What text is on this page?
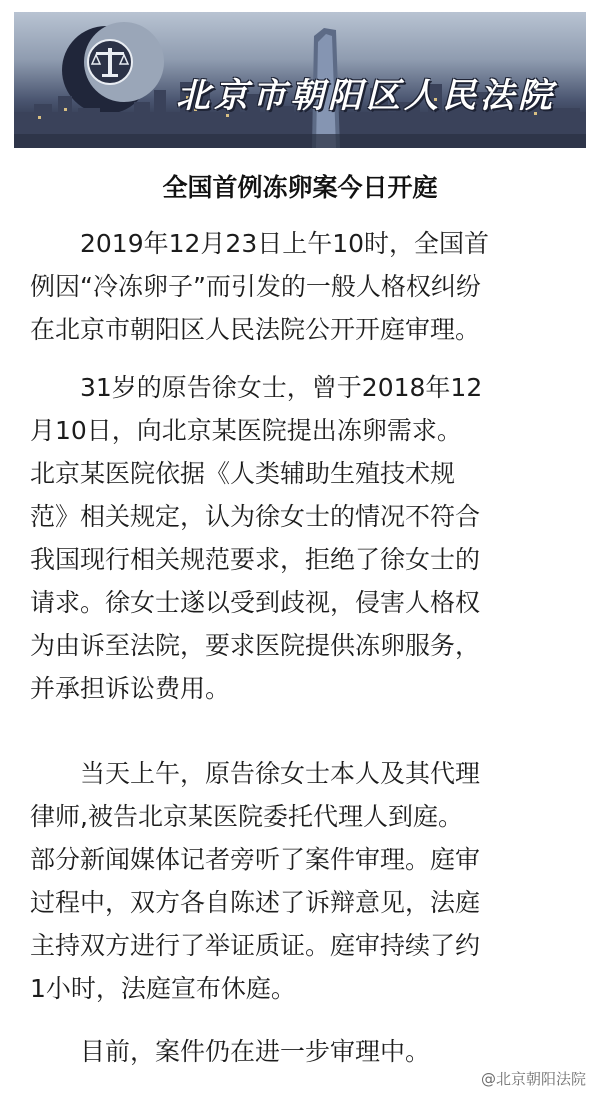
北京市朝阳区人民法院
全国首例冻卵案今日开庭
2019年12月23日上午10时，全国首
例因“冷冻卵子”而引发的一般人格权纠纷
在北京市朝阳区人民法院公开开庭审理。
31岁的原告徐女士，曾于2018年12
月10日，向北京某医院提出冻卵需求。
北京某医院依据《人类辅助生殖技术规
范》相关规定，认为徐女士的情况不符合
我国现行相关规范要求，拒绝了徐女士的
请求。徐女士遂以受到歧视，侵害人格权
为由诉至法院，要求医院提供冻卵服务，
并承担诉讼费用。
当天上午，原告徐女士本人及其代理
律师,被告北京某医院委托代理人到庭。
部分新闻媒体记者旁听了案件审理。庭审
过程中，双方各自陈述了诉辩意见，法庭
主持双方进行了举证质证。庭审持续了约
1小时，法庭宣布休庭。
目前，案件仍在进一步审理中。
@北京朝阳法院
